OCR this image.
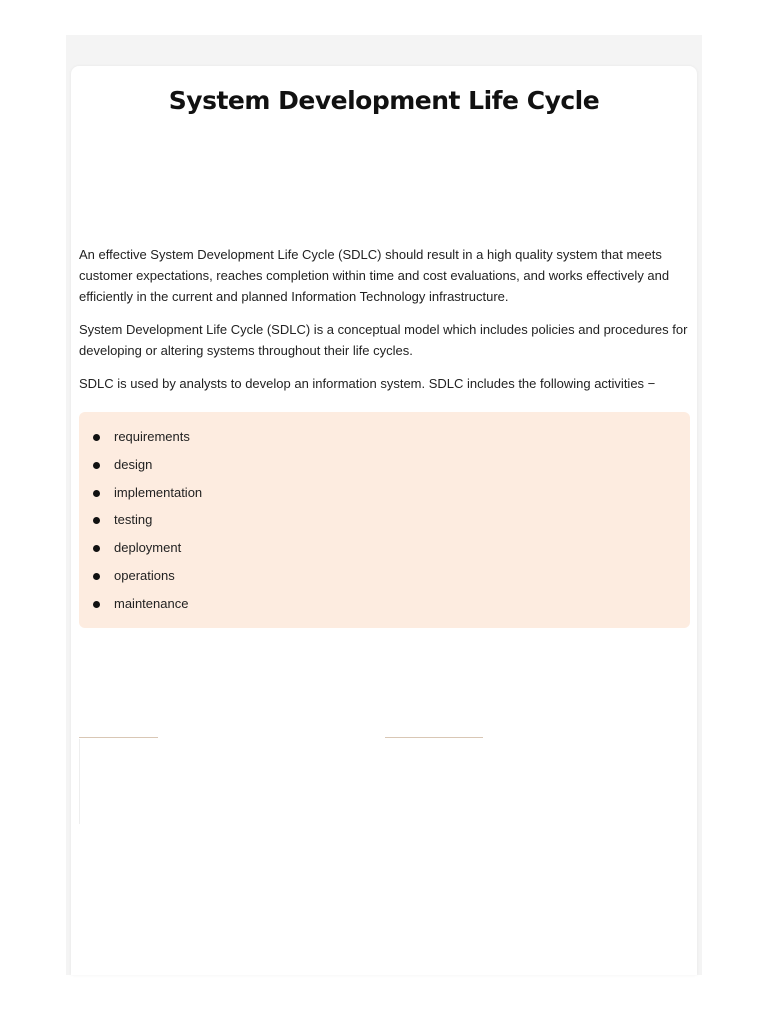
System Development Life Cycle

An effective System Development Life Cycle (SDLC) should result in a high quality system that meets customer expectations, reaches completion within time and cost evaluations, and works effectively and efficiently in the current and planned Information Technology infrastructure.

System Development Life Cycle (SDLC) is a conceptual model which includes policies and procedures for developing or altering systems throughout their life cycles.

SDLC is used by analysts to develop an information system. SDLC includes the following activities −

requirements
design
implementation
testing
deployment
operations
maintenance
